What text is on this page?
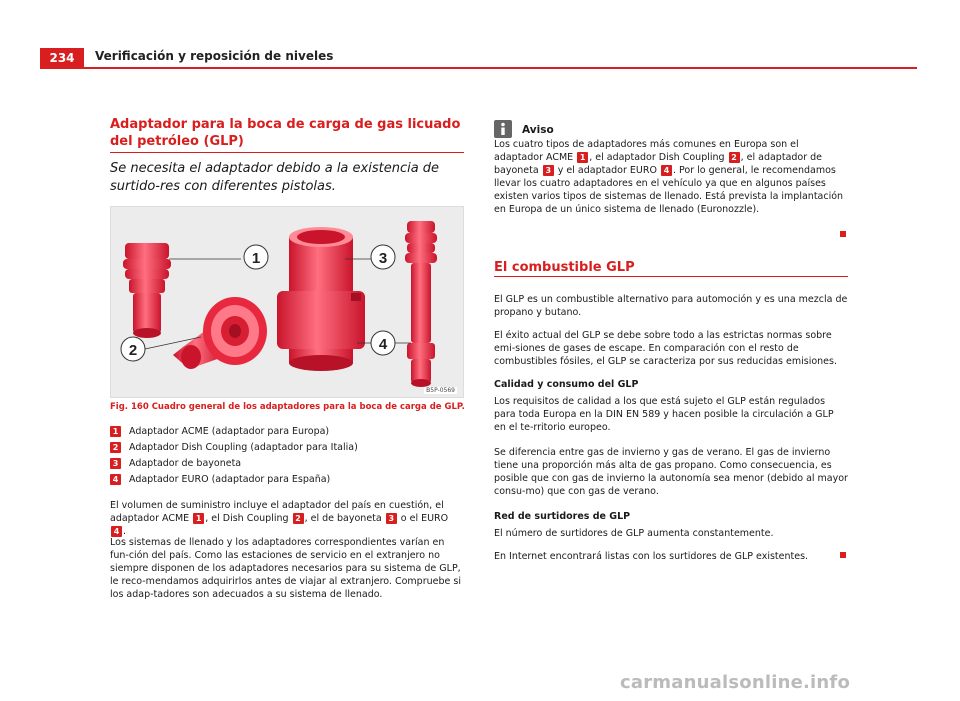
234	Verificación y reposición de niveles
Adaptador para la boca de carga de gas licuado del petróleo (GLP)
Se necesita el adaptador debido a la existencia de surtido-res con diferentes pistolas.
1
2
3
4
B5P-0569
Fig. 160 Cuadro general de los adaptadores para la boca de carga de GLP.
1 Adaptador ACME (adaptador para Europa)
2 Adaptador Dish Coupling (adaptador para Italia)
3 Adaptador de bayoneta
4 Adaptador EURO (adaptador para España)

El volumen de suministro incluye el adaptador del país en cuestión, el adaptador ACME 1 , el Dish Coupling 2 , el de bayoneta 3 o el EURO 4 .

Los sistemas de llenado y los adaptadores correspondientes varían en fun-ción del país. Como las estaciones de servicio en el extranjero no siempre disponen de los adaptadores necesarios para su sistema de GLP, le reco-mendamos adquirirlos antes de viajar al extranjero. Compruebe si los adap-tadores son adecuados a su sistema de llenado.

Aviso

Los cuatro tipos de adaptadores más comunes en Europa son el adaptador ACME 1 , el adaptador Dish Coupling 2 , el adaptador de bayoneta 3 y el adaptador EURO 4 . Por lo general, le recomendamos llevar los cuatro adaptadores en el vehículo ya que en algunos países existen varios tipos de sistemas de llenado. Está prevista la implantación en Europa de un único sistema de llenado (Euronozzle).

El combustible GLP

El GLP es un combustible alternativo para automoción y es una mezcla de propano y butano.

El éxito actual del GLP se debe sobre todo a las estrictas normas sobre emi-siones de gases de escape. En comparación con el resto de combustibles fósiles, el GLP se caracteriza por sus reducidas emisiones.

Calidad y consumo del GLP

Los requisitos de calidad a los que está sujeto el GLP están regulados para toda Europa en la DIN EN 589 y hacen posible la circulación a GLP en el te-rritorio europeo.

Se diferencia entre gas de invierno y gas de verano. El gas de invierno tiene una proporción más alta de gas propano. Como consecuencia, es posible que con gas de invierno la autonomía sea menor (debido al mayor consu-mo) que con gas de verano.

Red de surtidores de GLP

El número de surtidores de GLP aumenta constantemente.

En Internet encontrará listas con los surtidores de GLP existentes.

carmanualsonline.info
